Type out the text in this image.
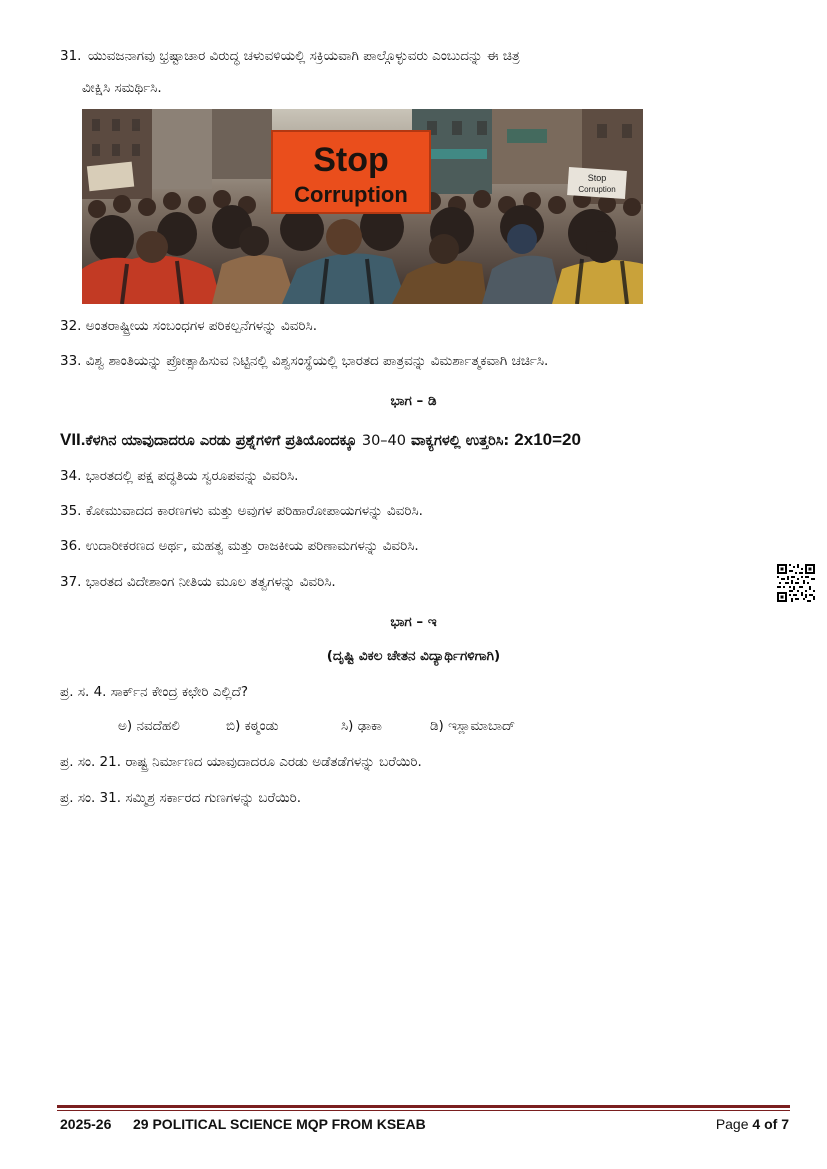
31. ಯುವಜನಾಗವು ಭ್ರಷ್ಟಾಚಾರ ವಿರುದ್ಧ ಚಳುವಳಿಯಲ್ಲಿ ಸಕ್ರಿಯವಾಗಿ ಪಾಲ್ಗೊಳ್ಳುವರು ಎಂಬುದನ್ನು ಈ ಚಿತ್ರ
ವೀಕ್ಷಿಸಿ ಸಮರ್ಥಿಸಿ.
Stop
Corruption
Stop
Corruption
32. ಅಂತರಾಷ್ಟ್ರೀಯ ಸಂಬಂಧಗಳ ಪರಿಕಲ್ಪನೆಗಳನ್ನು ವಿವರಿಸಿ.
33. ವಿಶ್ವ ಶಾಂತಿಯನ್ನು ಪ್ರೋತ್ಸಾಹಿಸುವ ನಿಟ್ಟಿನಲ್ಲಿ ವಿಶ್ವಸಂಸ್ಥೆಯಲ್ಲಿ ಭಾರತದ ಪಾತ್ರವನ್ನು ವಿಮರ್ಶಾತ್ಮಕವಾಗಿ ಚರ್ಚಿಸಿ.
ಭಾಗ – ಡಿ
VII.ಕೆಳಗಿನ ಯಾವುದಾದರೂ ಎರಡು ಪ್ರಶ್ನೆಗಳಿಗೆ ಪ್ರತಿಯೊಂದಕ್ಕೂ 30–40 ವಾಕ್ಯಗಳಲ್ಲಿ ಉತ್ತರಿಸಿ: 2x10=20
34. ಭಾರತದಲ್ಲಿ ಪಕ್ಷ ಪದ್ಧತಿಯ ಸ್ವರೂಪವನ್ನು ವಿವರಿಸಿ.
35. ಕೋಮುವಾದದ ಕಾರಣಗಳು ಮತ್ತು ಅವುಗಳ ಪರಿಹಾರೋಪಾಯಗಳನ್ನು ವಿವರಿಸಿ.
36. ಉದಾರೀಕರಣದ ಅರ್ಥ, ಮಹತ್ವ ಮತ್ತು ರಾಜಕೀಯ ಪರಿಣಾಮಗಳನ್ನು ವಿವರಿಸಿ.
37. ಭಾರತದ ವಿದೇಶಾಂಗ ನೀತಿಯ ಮೂಲ ತತ್ವಗಳನ್ನು ವಿವರಿಸಿ.
ಭಾಗ – ಇ
(ದೃಷ್ಟಿ ವಿಕಲ ಚೇತನ ವಿದ್ಯಾರ್ಥಿಗಳಿಗಾಗಿ)
ಪ್ರ. ಸ. 4. ಸಾರ್ಕ್‌ನ ಕೇಂದ್ರ ಕಛೇರಿ ಎಲ್ಲಿದೆ?
ಅ) ನವದೆಹಲಿ	ಬಿ) ಕಠ್ಮಂಡು	ಸಿ) ಢಾಕಾ	ಡಿ) ಇಸ್ಲಾಮಾಬಾದ್
ಪ್ರ. ಸಂ. 21. ರಾಷ್ಟ್ರ ನಿರ್ಮಾಣದ ಯಾವುದಾದರೂ ಎರಡು ಅಡೆತಡೆಗಳನ್ನು ಬರೆಯಿರಿ.
ಪ್ರ. ಸಂ. 31. ಸಮ್ಮಿಶ್ರ ಸರ್ಕಾರದ ಗುಣಗಳನ್ನು ಬರೆಯಿರಿ.
2025-26 29 POLITICAL SCIENCE MQP FROM KSEAB	Page 4 of 7
